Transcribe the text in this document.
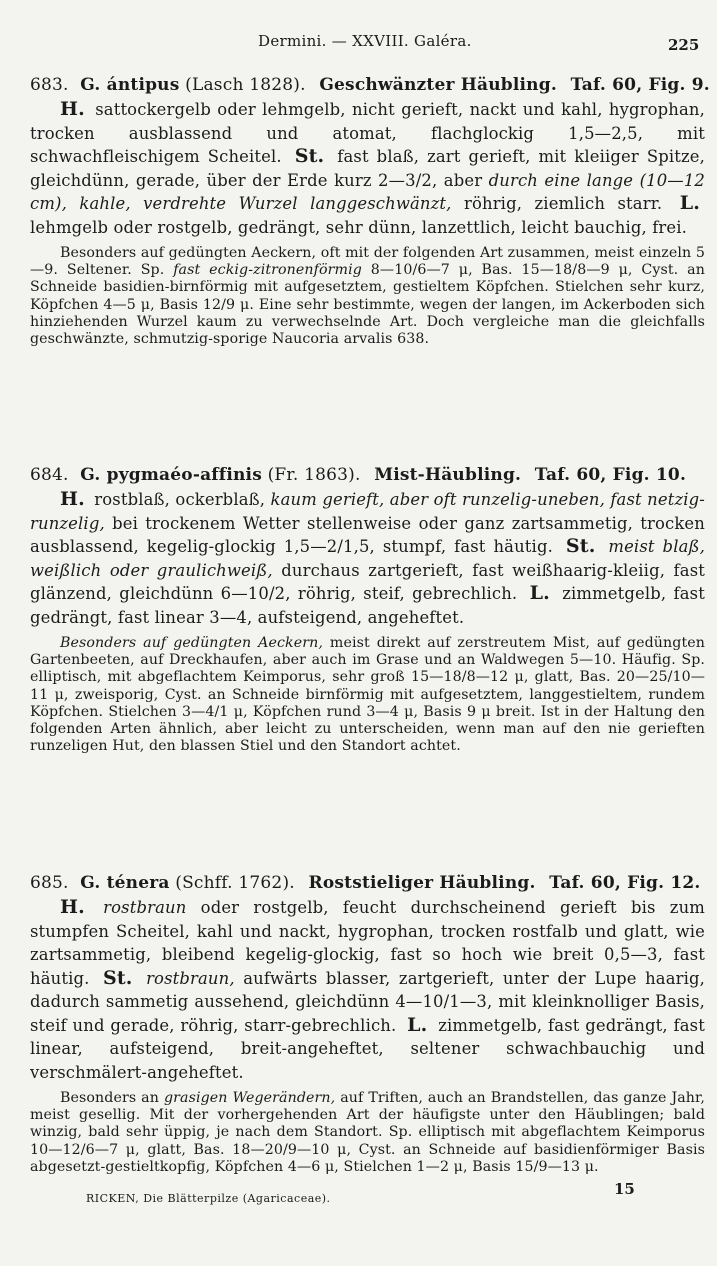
Dermini. — XXVIII. Galéra.	225
683. G. ántipus (Lasch 1828). Geschwänzter Häubling. Taf. 60, Fig. 9.

H. sattockergelb oder lehmgelb, nicht gerieft, nackt und kahl, hygrophan, trocken ausblassend und atomat, flachglockig 1,5—2,5, mit schwachfleischigem Scheitel. St. fast blaß, zart gerieft, mit kleiiger Spitze, gleichdünn, gerade, über der Erde kurz 2—3/2, aber durch eine lange (10—12 cm), kahle, verdrehte Wurzel langgeschwänzt, röhrig, ziemlich starr. L. lehmgelb oder rostgelb, gedrängt, sehr dünn, lanzettlich, leicht bauchig, frei.

Besonders auf gedüngten Aeckern, oft mit der folgenden Art zusammen, meist einzeln 5—9. Seltener. Sp. fast eckig-zitronenförmig 8—10/6—7 μ, Bas. 15—18/8—9 μ, Cyst. an Schneide basidien-birnförmig mit aufgesetztem, gestieltem Köpfchen. Stielchen sehr kurz, Köpfchen 4—5 μ, Basis 12/9 μ. Eine sehr bestimmte, wegen der langen, im Ackerboden sich hinziehenden Wurzel kaum zu verwechselnde Art. Doch vergleiche man die gleichfalls geschwänzte, schmutzig-sporige Naucoria arvalis 638.

684. G. pygmaéo-affinis (Fr. 1863). Mist-Häubling. Taf. 60, Fig. 10.

H. rostblaß, ockerblaß, kaum gerieft, aber oft runzelig-uneben, fast netzig-runzelig, bei trockenem Wetter stellenweise oder ganz zartsammetig, trocken ausblassend, kegelig-glockig 1,5—2/1,5, stumpf, fast häutig. St. meist blaß, weißlich oder graulichweiß, durchaus zartgerieft, fast weißhaarig-kleiig, fast glänzend, gleichdünn 6—10/2, röhrig, steif, gebrechlich. L. zimmetgelb, fast gedrängt, fast linear 3—4, aufsteigend, angeheftet.

Besonders auf gedüngten Aeckern, meist direkt auf zerstreutem Mist, auf gedüngten Gartenbeeten, auf Dreckhaufen, aber auch im Grase und an Waldwegen 5—10. Häufig. Sp. elliptisch, mit abgeflachtem Keimporus, sehr groß 15—18/8—12 μ, glatt, Bas. 20—25/10—11 μ, zweisporig, Cyst. an Schneide birnförmig mit aufgesetztem, langgestieltem, rundem Köpfchen. Stielchen 3—4/1 μ, Köpfchen rund 3—4 μ, Basis 9 μ breit. Ist in der Haltung den folgenden Arten ähnlich, aber leicht zu unterscheiden, wenn man auf den nie gerieften runzeligen Hut, den blassen Stiel und den Standort achtet.

685. G. ténera (Schff. 1762). Roststieliger Häubling. Taf. 60, Fig. 12.

H. rostbraun oder rostgelb, feucht durchscheinend gerieft bis zum stumpfen Scheitel, kahl und nackt, hygrophan, trocken rostfalb und glatt, wie zartsammetig, bleibend kegelig-glockig, fast so hoch wie breit 0,5—3, fast häutig. St. rostbraun, aufwärts blasser, zartgerieft, unter der Lupe haarig, dadurch sammetig aussehend, gleichdünn 4—10/1—3, mit kleinknolliger Basis, steif und gerade, röhrig, starr-gebrechlich. L. zimmetgelb, fast gedrängt, fast linear, aufsteigend, breit-angeheftet, seltener schwachbauchig und verschmälert-angeheftet.

Besonders an grasigen Wegerändern, auf Triften, auch an Brandstellen, das ganze Jahr, meist gesellig. Mit der vorhergehenden Art der häufigste unter den Häublingen; bald winzig, bald sehr üppig, je nach dem Standort. Sp. elliptisch mit abgeflachtem Keimporus 10—12/6—7 μ, glatt, Bas. 18—20/9—10 μ, Cyst. an Schneide auf basidienförmiger Basis abgesetzt-gestieltkopfig, Köpfchen 4—6 μ, Stielchen 1—2 μ, Basis 15/9—13 μ.

RICKEN, Die Blätterpilze (Agaricaceae).
15
